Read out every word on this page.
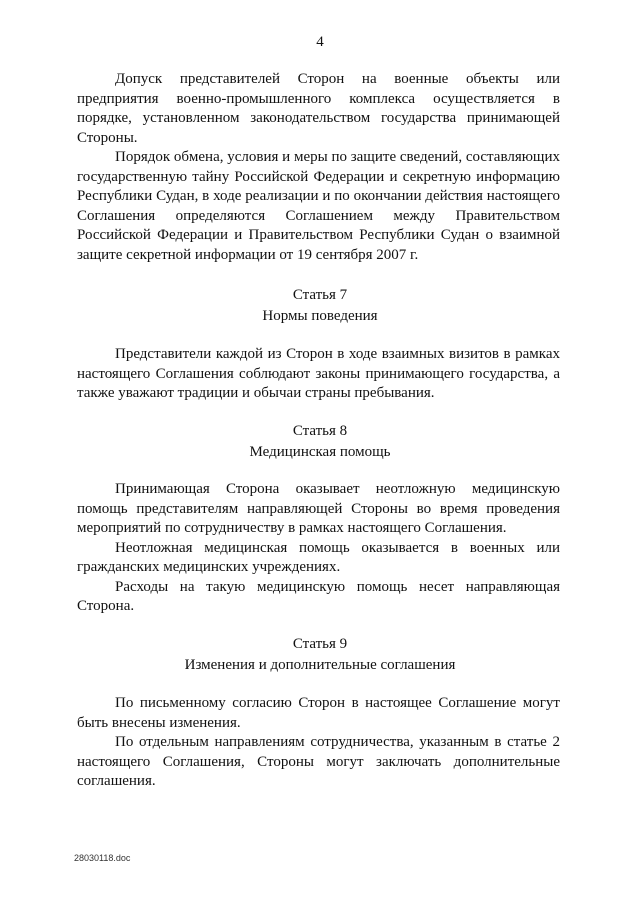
4

Допуск представителей Сторон на военные объекты или предприятия военно-промышленного комплекса осуществляется в порядке, установленном законодательством государства принимающей Стороны.

Порядок обмена, условия и меры по защите сведений, составляющих государственную тайну Российской Федерации и секретную информацию Республики Судан, в ходе реализации и по окончании действия настоящего Соглашения определяются Соглашением между Правительством Российской Федерации и Правительством Республики Судан о взаимной защите секретной информации от 19 сентября 2007 г.

Статья 7
Нормы поведения

Представители каждой из Сторон в ходе взаимных визитов в рамках настоящего Соглашения соблюдают законы принимающего государства, а также уважают традиции и обычаи страны пребывания.

Статья 8
Медицинская помощь

Принимающая Сторона оказывает неотложную медицинскую помощь представителям направляющей Стороны во время проведения мероприятий по сотрудничеству в рамках настоящего Соглашения.

Неотложная медицинская помощь оказывается в военных или гражданских медицинских учреждениях.

Расходы на такую медицинскую помощь несет направляющая Сторона.

Статья 9
Изменения и дополнительные соглашения

По письменному согласию Сторон в настоящее Соглашение могут быть внесены изменения.

По отдельным направлениям сотрудничества, указанным в статье 2 настоящего Соглашения, Стороны могут заключать дополнительные соглашения.

28030118.doc
